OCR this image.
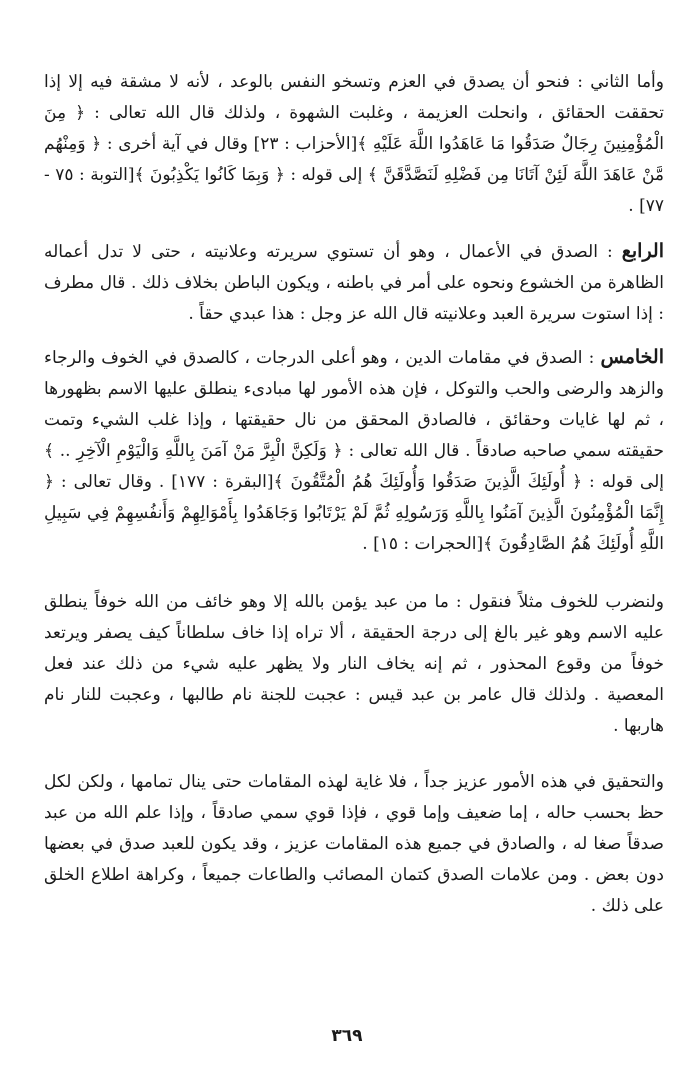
وأما الثاني : فنحو أن يصدق في العزم وتسخو النفس بالوعد ، لأنه لا مشقة فيه إلا إذا تحققت الحقائق ، وانحلت العزيمة ، وغلبت الشهوة ، ولذلك قال الله تعالى : ﴿ مِنَ الْمُؤْمِنِينَ رِجَالٌ صَدَقُوا مَا عَاهَدُوا اللَّهَ عَلَيْهِ ﴾[الأحزاب : ٢٣] وقال في آية أخرى : ﴿ وَمِنْهُم مَّنْ عَاهَدَ اللَّهَ لَئِنْ آتَانَا مِن فَضْلِهِ لَنَصَّدَّقَنَّ ﴾ إلى قوله : ﴿ وَبِمَا كَانُوا يَكْذِبُونَ ﴾[التوبة : ٧٥ - ٧٧] .

الرابع : الصدق في الأعمال ، وهو أن تستوي سريرته وعلانيته ، حتى لا تدل أعماله الظاهرة من الخشوع ونحوه على أمر في باطنه ، ويكون الباطن بخلاف ذلك . قال مطرف : إذا استوت سريرة العبد وعلانيته قال الله عز وجل : هذا عبدي حقاً .

الخامس : الصدق في مقامات الدين ، وهو أعلى الدرجات ، كالصدق في الخوف والرجاء والزهد والرضى والحب والتوكل ، فإن هذه الأمور لها مبادىء ينطلق عليها الاسم بظهورها ، ثم لها غايات وحقائق ، فالصادق المحقق من نال حقيقتها ، وإذا غلب الشيء وتمت حقيقته سمي صاحبه صادقاً . قال الله تعالى : ﴿ وَلَكِنَّ الْبِرَّ مَنْ آمَنَ بِاللَّهِ وَالْيَوْمِ الْآخِرِ .. ﴾ إلى قوله : ﴿ أُولَئِكَ الَّذِينَ صَدَقُوا وَأُولَئِكَ هُمُ الْمُتَّقُونَ ﴾[البقرة : ١٧٧] . وقال تعالى : ﴿ إِنَّمَا الْمُؤْمِنُونَ الَّذِينَ آمَنُوا بِاللَّهِ وَرَسُولِهِ ثُمَّ لَمْ يَرْتَابُوا وَجَاهَدُوا بِأَمْوَالِهِمْ وَأَنفُسِهِمْ فِي سَبِيلِ اللَّهِ أُولَئِكَ هُمُ الصَّادِقُونَ ﴾[الحجرات : ١٥] .

ولنضرب للخوف مثلاً فنقول : ما من عبد يؤمن بالله إلا وهو خائف من الله خوفاً ينطلق عليه الاسم وهو غير بالغ إلى درجة الحقيقة ، ألا تراه إذا خاف سلطاناً كيف يصفر ويرتعد خوفاً من وقوع المحذور ، ثم إنه يخاف النار ولا يظهر عليه شيء من ذلك عند فعل المعصية . ولذلك قال عامر بن عبد قيس : عجبت للجنة نام طالبها ، وعجبت للنار نام هاربها .

والتحقيق في هذه الأمور عزيز جداً ، فلا غاية لهذه المقامات حتى ينال تمامها ، ولكن لكل حظ بحسب حاله ، إما ضعيف وإما قوي ، فإذا قوي سمي صادقاً ، وإذا علم الله من عبد صدقاً صغا له ، والصادق في جميع هذه المقامات عزيز ، وقد يكون للعبد صدق في بعضها دون بعض . ومن علامات الصدق كتمان المصائب والطاعات جميعاً ، وكراهة اطلاع الخلق على ذلك .

٣٦٩
